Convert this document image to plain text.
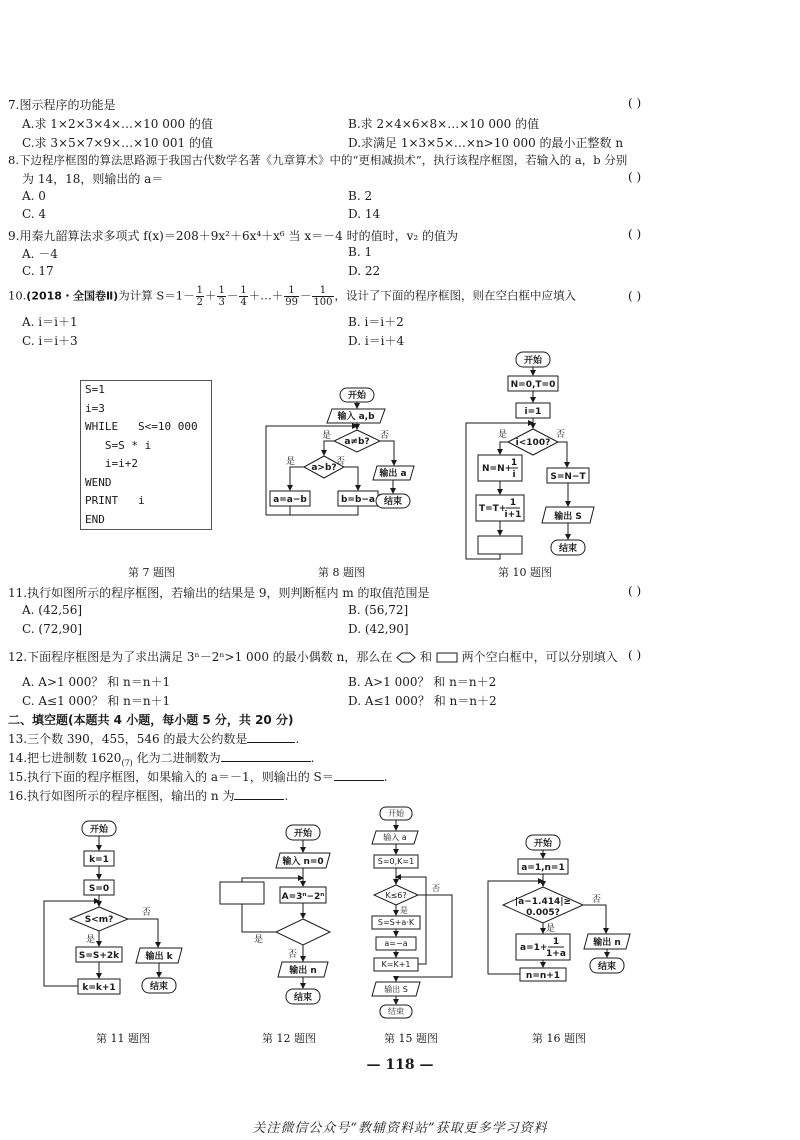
7.图示程序的功能是	( )
A.求 1×2×3×4×…×10 000 的值	B.求 2×4×6×8×…×10 000 的值
C.求 3×5×7×9×…×10 001 的值	D.求满足 1×3×5×…×n>10 000 的最小正整数 n
8.下边程序框图的算法思路源于我国古代数学名著《九章算术》中的“更相减损术”，执行该程序框图，若输入的 a，b 分别
为 14，18，则输出的 a＝	( )
A. 0	B. 2
C. 4	D. 14
9.用秦九韶算法求多项式 f(x)＝208＋9x²＋6x⁴＋x⁶ 当 x＝－4 时的值时，v₂ 的值为	( )
A. －4	B. 1
C. 17	D. 22
10.(2018・全国卷Ⅱ)为计算 $S=1- \frac{1}{2} + \frac{1}{3} - \frac{1}{4}$ ＋…＋ $\frac{1}{99} - \frac{1}{100}$ ，设计了下面的程序框图，则在空白框中应填入	( )
A. i＝i＋1	B. i＝i＋2
C. i＝i＋3	D. i＝i＋4
S=1
i=3
WHILE   S<=10 000
S=S * i
i=i+2
WEND
PRINT   i
END
第 7 题图
开始
输入 a,b
a≠b?
是	否
a>b?
是	否
a=a−b	b=b−a
输出 a
结束
第 8 题图
开始
N=0,T=0
i=1
i<100?
是	否
N=N+
1
i
T=T+
1
i+1
S=N−T
输出 S
结束
第 10 题图
11.执行如图所示的程序框图，若输出的结果是 9，则判断框内 m 的取值范围是	( )
A. (42,56]	B. (56,72]
C. (72,90]	D. (42,90]
12.下面程序框图是为了求出满足 3ⁿ－2ⁿ>1 000 的最小偶数 n，那么在 和 两个空白框中，可以分别填入 ( )
A. A>1 000？ 和 n＝n＋1	B. A>1 000？ 和 n＝n＋2
C. A≤1 000？ 和 n＝n＋1	D. A≤1 000？ 和 n＝n＋2
二、填空题(本题共 4 小题，每小题 5 分，共 20 分)
13.三个数 390，455，546 的最大公约数是	.
14.把七进制数 $1620_{(7)}$ 化为二进制数为	.
15.执行下面的程序框图，如果输入的 a＝－1，则输出的 S＝	.
16.执行如图所示的程序框图，输出的 n 为	.
开始
k=1
S=0
S<m?
是
否
S=S+2k
k=k+1
输出 k
结束
第 11 题图
开始
输入 n=0
A=3ⁿ−2ⁿ
是
否
输出 n
结束
第 12 题图
开始
输入 a
S=0,K=1
K≤6?
是
否
S=S+a·K
a=−a
K=K+1
输出 S
结束
第 15 题图
开始
a=1,n=1
|a−1.414|≥
0.005?
是
否
a=1+
1
1+a
n=n+1
输出 n
结束
第 16 题图
— 118 —
关注微信公众号“教辅资料站”获取更多学习资料
